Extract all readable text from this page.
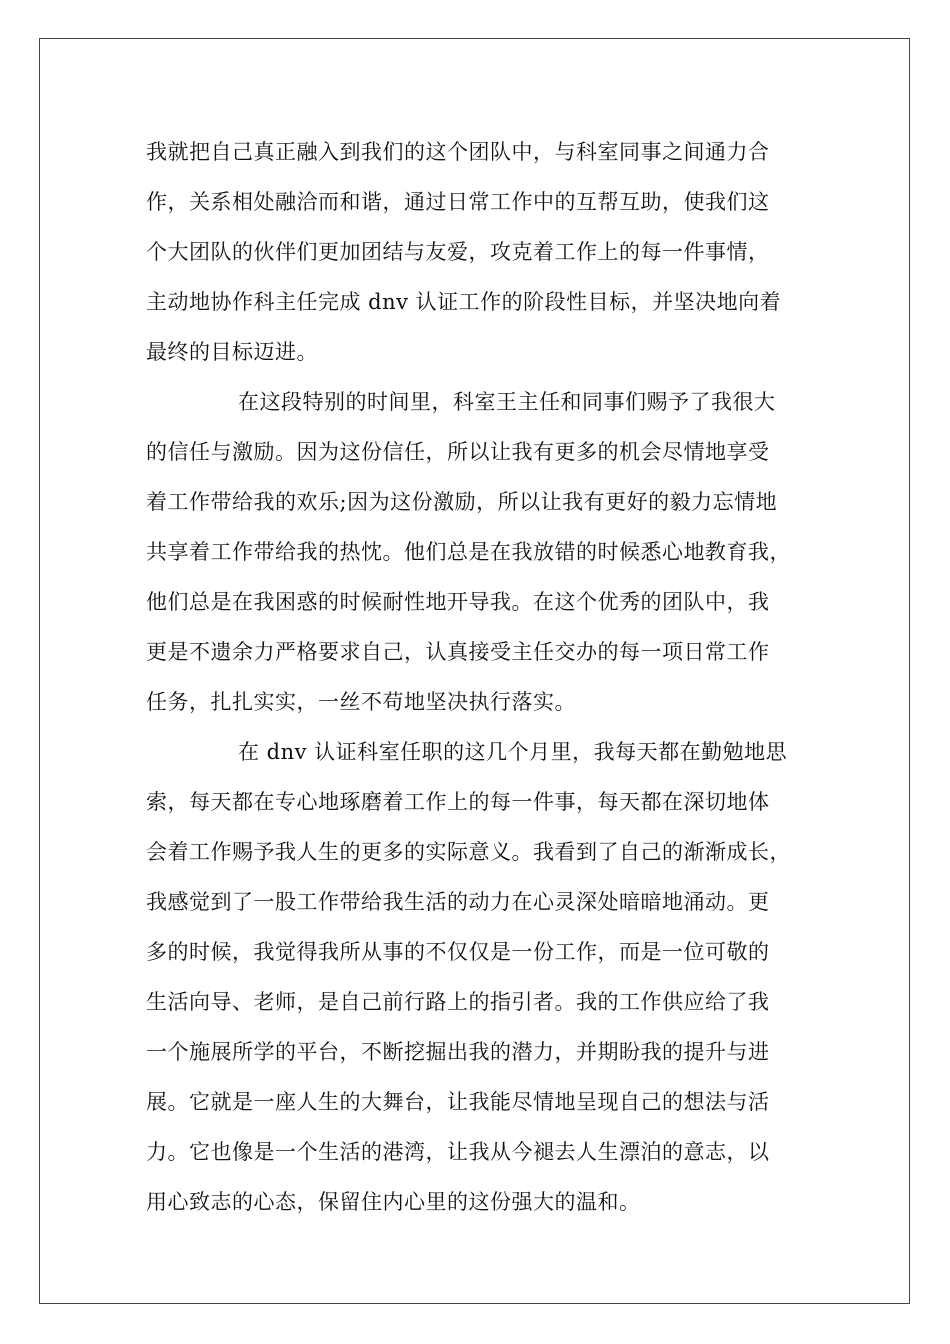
我就把自己真正融入到我们的这个团队中，与科室同事之间通力合
作，关系相处融洽而和谐，通过日常工作中的互帮互助，使我们这
个大团队的伙伴们更加团结与友爱，攻克着工作上的每一件事情，
主动地协作科主任完成 dnv 认证工作的阶段性目标，并坚决地向着
最终的目标迈进。
在这段特别的时间里，科室王主任和同事们赐予了我很大
的信任与激励。因为这份信任，所以让我有更多的机会尽情地享受
着工作带给我的欢乐;因为这份激励，所以让我有更好的毅力忘情地
共享着工作带给我的热忱。他们总是在我放错的时候悉心地教育我，
他们总是在我困惑的时候耐性地开导我。在这个优秀的团队中，我
更是不遗余力严格要求自己，认真接受主任交办的每一项日常工作
任务，扎扎实实，一丝不苟地坚决执行落实。
在 dnv 认证科室任职的这几个月里，我每天都在勤勉地思
索，每天都在专心地琢磨着工作上的每一件事，每天都在深切地体
会着工作赐予我人生的更多的实际意义。我看到了自己的渐渐成长，
我感觉到了一股工作带给我生活的动力在心灵深处暗暗地涌动。更
多的时候，我觉得我所从事的不仅仅是一份工作，而是一位可敬的
生活向导、老师，是自己前行路上的指引者。我的工作供应给了我
一个施展所学的平台，不断挖掘出我的潜力，并期盼我的提升与进
展。它就是一座人生的大舞台，让我能尽情地呈现自己的想法与活
力。它也像是一个生活的港湾，让我从今褪去人生漂泊的意志，以
用心致志的心态，保留住内心里的这份强大的温和。
